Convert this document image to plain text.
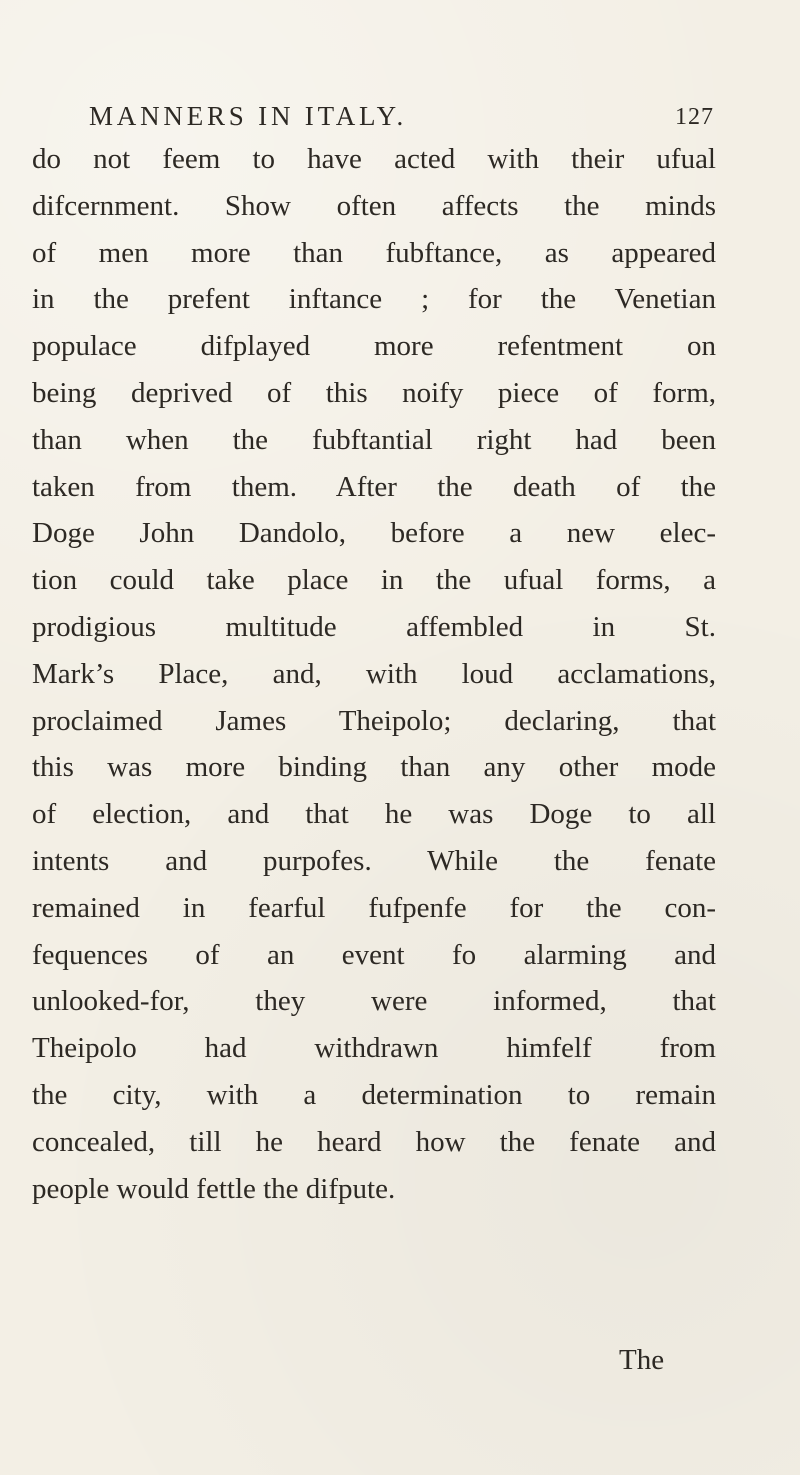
MANNERS IN ITALY.	127
do not feem to have acted with their ufual
difcernment. Show often affects the minds
of men more than fubftance, as appeared
in the prefent inftance ; for the Venetian
populace difplayed more refentment on
being deprived of this noify piece of form,
than when the fubftantial right had been
taken from them. After the death of the
Doge John Dandolo, before a new elec-
tion could take place in the ufual forms, a
prodigious multitude affembled in St.
Mark’s Place, and, with loud acclamations,
proclaimed James Theipolo; declaring, that
this was more binding than any other mode
of election, and that he was Doge to all
intents and purpofes. While the fenate
remained in fearful fufpenfe for the con-
fequences of an event fo alarming and
unlooked-for, they were informed, that
Theipolo had withdrawn himfelf from
the city, with a determination to remain
concealed, till he heard how the fenate and
people would fettle the difpute.
The
